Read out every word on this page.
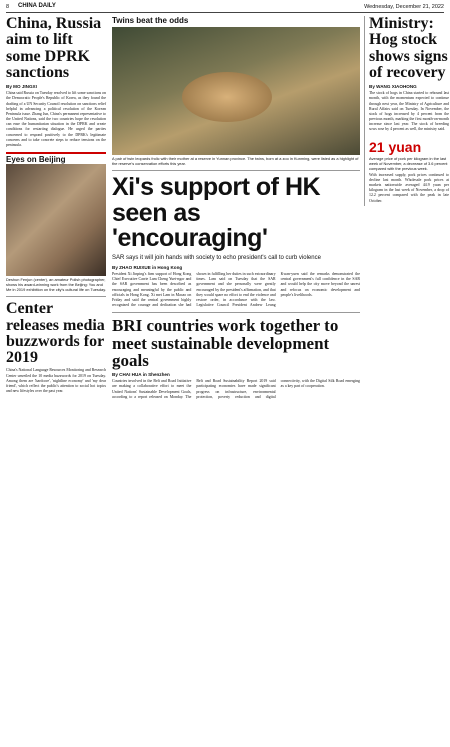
8 CHINA DAILY	Wednesday, December 21, 2022
China, Russia aim to lift some DPRK sanctions
By MO JINGXI

China said Russia on Tuesday resolved to lift some sanctions on the Democratic People's Republic of Korea, as they found the drafting of a UN Security Council resolution on sanctions relief helpful in advancing a political resolution of the Korean Peninsula issue. Zhang Jun, China's permanent representative to the United Nations, said the two countries hope the resolution can ease the humanitarian situation in the DPRK and create conditions for restarting dialogue. He urged the parties concerned to respond positively to the DPRK's legitimate concerns and to take concrete steps to reduce tensions on the peninsula.

Eyes on Beijing
Deshun Fenjun (center), an amateur Polish photographer, shows his award-winning work from the Beijing: You and Me in 2019 exhibition on the city's cultural life on Tuesday.
Center releases media buzzwords for 2019

China's National Language Resources Monitoring and Research Center unveiled the 10 media buzzwords for 2019 on Tuesday. Among them are 'hardcore', 'nightline economy' and 'my dear friend', which reflect the public's attention to social hot topics and new lifestyles over the past year.

Twins beat the odds
A pair of twin leopards frolic with their mother at a reserve in Yunnan province. The twins, born at a zoo in Kunming, were listed as a highlight of the reserve's conservation efforts this year.
Xi's support of HK seen as 'encouraging'
SAR says it will join hands with society to echo president's call to curb violence
By ZHAO RUIXUE in Hong Kong

President Xi Jinping's firm support of Hong Kong Chief Executive Carrie Lam Cheng Yuet-ngor and the SAR government has been described as encouraging and meaningful by the public and officials in Hong Kong. Xi met Lam in Macao on Friday and said the central government highly recognized the courage and dedication she had shown in fulfilling her duties in such extraordinary times. Lam said on Tuesday that the SAR government and she personally were greatly encouraged by the president's affirmation, and that they would spare no effort to end the violence and restore order, in accordance with the law. Legislative Council President Andrew Leung Kwan-yuen said the remarks demonstrated the central government's full confidence in the SAR and would help the city move beyond the unrest and refocus on economic development and people's livelihoods.

BRI countries work together to meet sustainable development goals
By CHAI HUA in Shenzhen

Countries involved in the Belt and Road Initiative are making a collaborative effort to meet the United Nations' Sustainable Development Goals, according to a report released on Monday. The Belt and Road Sustainability Report 2019 said participating economies have made significant progress on infrastructure, environmental protection, poverty reduction and digital connectivity, with the Digital Silk Road emerging as a key part of cooperation.

Ministry: Hog stock shows signs of recovery
By WANG XIAOHONG

The stock of hogs in China started to rebound last month, with the momentum expected to continue through next year, the Ministry of Agriculture and Rural Affairs said on Tuesday. In November, the stock of hogs increased by 4 percent from the previous month, marking the first month-on-month increase since last year. The stock of breeding sows rose by 4 percent as well, the ministry said.

21 yuan
Average price of pork per kilogram in the last week of November, a decrease of 3.6 percent compared with the previous week.

With increased supply, pork prices continued to decline last month. Wholesale pork prices at markets nationwide averaged 44.9 yuan per kilogram in the last week of November, a drop of 12.2 percent compared with the peak in late October.
